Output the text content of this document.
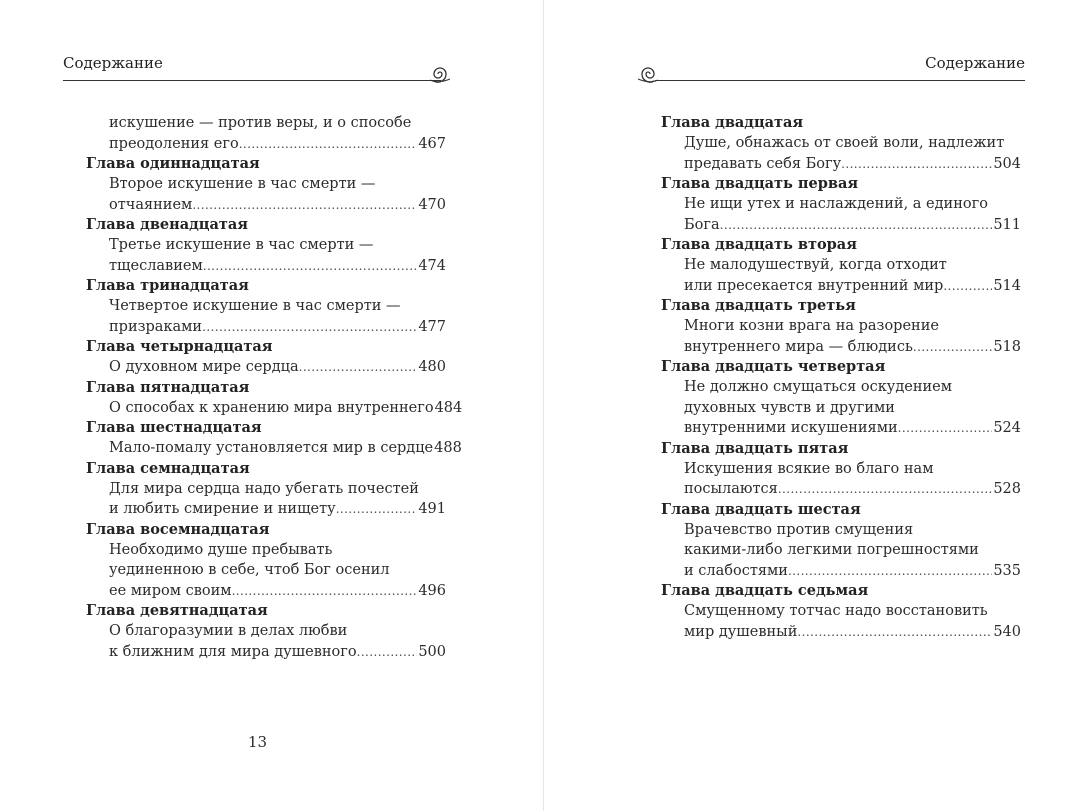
Содержание
искушение — против веры, и о способе
преодоления его .....	467
Глава одиннадцатая
Второе искушение в час смерти —
отчаянием .....	470
Глава двенадцатая
Третье искушение в час смерти —
тщеславием .....	474
Глава тринадцатая
Четвертое искушение в час смерти —
призраками .....	477
Глава четырнадцатая
О духовном мире сердца .....	480
Глава пятнадцатая
О способах к хранению мира внутреннего 484
Глава шестнадцатая
Мало-помалу установляется мир в сердце 488
Глава семнадцатая
Для мира сердца надо убегать почестей
и любить смирение и нищету .....	491
Глава восемнадцатая
Необходимо душе пребывать
уединенною в себе, чтоб Бог осенил
ее миром своим .....	496
Глава девятнадцатая
О благоразумии в делах любви
к ближним для мира душевного .....	500
13
Содержание
Глава двадцатая
Душе, обнажась от своей воли, надлежит
предавать себя Богу .....	504
Глава двадцать первая
Не ищи утех и наслаждений, а единого
Бога .....	511
Глава двадцать вторая
Не малодушествуй, когда отходит
или пресекается внутренний мир .....	514
Глава двадцать третья
Многи козни врага на разорение
внутреннего мира — блюдись .....	518
Глава двадцать четвертая
Не должно смущаться оскудением
духовных чувств и другими
внутренними искушениями .....	524
Глава двадцать пятая
Искушения всякие во благо нам
посылаются .....	528
Глава двадцать шестая
Врачевство против смущения
какими-либо легкими погрешностями
и слабостями .....	535
Глава двадцать седьмая
Смущенному тотчас надо восстановить
мир душевный .....	540
